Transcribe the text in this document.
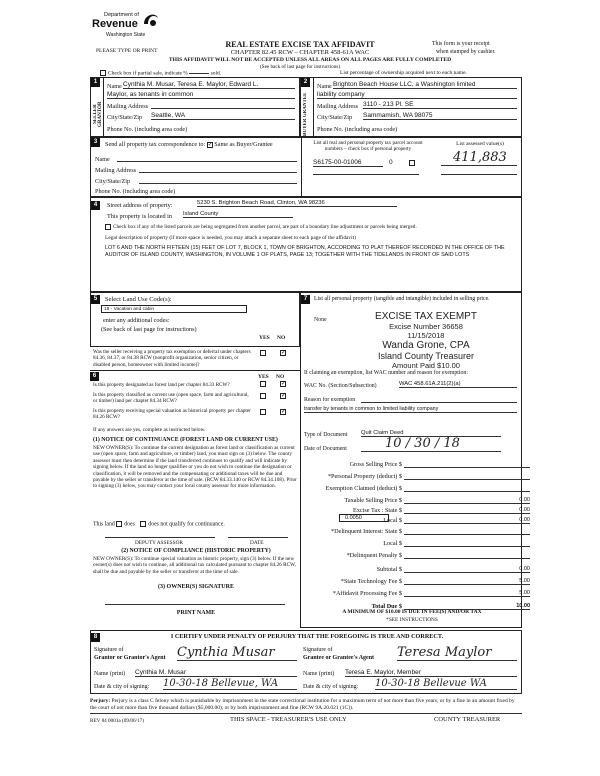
Department of
Revenue
Washington State
PLEASE TYPE OR PRINT
REAL ESTATE EXCISE TAX AFFIDAVIT
CHAPTER 82.45 RCW – CHAPTER 458-61A WAC
THIS AFFIDAVIT WILL NOT BE ACCEPTED UNLESS ALL AREAS ON ALL PAGES ARE FULLY COMPLETED
This form is your receipt
when stamped by cashier.
(See back of last page for instructions)
Check box if partial sale, indicate %	sold.	List percentage of ownership acquired next to each name.
1
SELLER GRANTOR
Name Cynthia M. Musar, Teresa E. Maylor, Edward L.
Maylor, as tenants in common
Mailing Address
City/State/Zip Seattle, WA
Phone No. (including area code)
2
BUYER GRANTEE
Name Brighton Beach House LLC, a Washington limited
liability company
Mailing Address 3110 - 213 Pl. SE
City/State/Zip Sammamish, WA 98075
Phone No. (including area code)
3	Send all property tax correspondence to: ✓ Same as Buyer/Grantee
Name
Mailing Address
City/State/Zip
Phone No. (including area code)
List all real and personal property tax parcel account numbers – check box if personal property
List assessed value(s)
S6175-00-01006	0	411,883
4	Street address of property:	5230 S. Brighton Beach Road, Clinton, WA 98236
This property is located in Island County
Check box if any of the listed parcels are being segregated from another parcel, are part of a boundary line adjustment or parcels being merged.
Legal description of property (if more space is needed, you may attach a separate sheet to each page of the affidavit)
LOT 6 AND THE NORTH FIFTEEN (15) FEET OF LOT 7, BLOCK 1, TOWN OF BRIGHTON, ACCORDING TO PLAT THEREOF RECORDED IN THE OFFICE OF THE AUDITOR OF ISLAND COUNTY, WASHINGTON, IN VOLUME 1 OF PLATS, PAGE 13; TOGETHER WITH THE TIDELANDS IN FRONT OF SAID LOTS
5	Select Land Use Code(s):
19 - Vacation and cabin
enter any additional codes:
(See back of last page for instructions)
YES NO
Was the seller receiving a property tax exemption or deferral under chapters 84.36, 84.37, or 84.38 RCW (nonprofit organization, senior citizen, or disabled person, homeowner with limited income)?
✓
6	YES NO
Is this property designated as forest land per chapter 84.33 RCW?	✓
Is this property classified as current use (open space, farm and agricultural, or timber) land per chapter 84.34 RCW?
✓
Is this property receiving special valuation as historical property per chapter 84.26 RCW?
✓
If any answers are yes, complete as instructed below.
(1) NOTICE OF CONTINUANCE (FOREST LAND OR CURRENT USE)
NEW OWNER(S): To continue the current designation as forest land or classification as current use (open space, farm and agriculture, or timber) land, you must sign on (3) below. The county assessor must then determine if the land transferred continues to qualify and will indicate by signing below. If the land no longer qualifies or you do not wish to continue the designation or classification, it will be removed and the compensating or additional taxes will be due and payable by the seller or transferor at the time of sale. (RCW 84.33.140 or RCW 84.34.108). Prior to signing (3) below, you may contact your local county assessor for more information.
This land does does not qualify for continuance.
DEPUTY ASSESSOR	DATE
(2) NOTICE OF COMPLIANCE (HISTORIC PROPERTY)
NEW OWNER(S): To continue special valuation as historic property, sign (3) below. If the new owner(s) does not wish to continue, all additional tax calculated pursuant to chapter 84.26 RCW, shall be due and payable by the seller or transferor at the time of sale.
(3) OWNER(S) SIGNATURE
PRINT NAME
7	List all personal property (tangible and intangible) included in selling price.
None	EXCISE TAX EXEMPT
Excise Number 36658
11/15/2018
Wanda Grone, CPA
Island County Treasurer
Amount Paid $10.00
If claiming an exemption, list WAC number and reason for exemption:
WAC No. (Section/Subsection)	WAC 458.61A.211(2)(a)
Reason for exemption
transfer by tenants in common to limited liability company
Type of Document Quit Claim Deed
Date of Document	10 / 30 / 18
0.0050
A MINIMUM OF $10.00 IS DUE IN FEE(S) AND/OR TAX
*SEE INSTRUCTIONS
Gross Selling Price $

*Personal Property (deduct) $

Exemption Claimed (deduct) $

Taxable Selling Price $	0.00
Excise Tax : State $	0.00
Local $	0.00
*Delinquent Interest: State $

Local $

*Delinquent Penalty $

Subtotal $	0.00
*State Technology Fee $	5.00
*Affidavit Processing Fee $	5.00
Total Due $	10.00
8	I CERTIFY UNDER PENALTY OF PERJURY THAT THE FOREGOING IS TRUE AND CORRECT.
Signature of
Grantor or Grantor's Agent Cynthia Musar
Name (print) Cynthia M. Musar
Date & city of signing: 10-30-18 Bellevue, WA
Signature of
Grantee or Grantee's Agent Teresa Maylor
Name (print) Teresa E. Maylor, Member
Date & city of signing: 10-30-18 Bellevue WA
Perjury: Perjury is a class C felony which is punishable by imprisonment in the state correctional institution for a maximum term of not more than five years, or by a fine in an amount fixed by the court of not more than five thousand dollars ($5,000.00), or by both imprisonment and fine (RCW 9A.20.021 (1C)).
REV 84 0001a (09/06/17)	THIS SPACE - TREASURER'S USE ONLY	COUNTY TREASURER
